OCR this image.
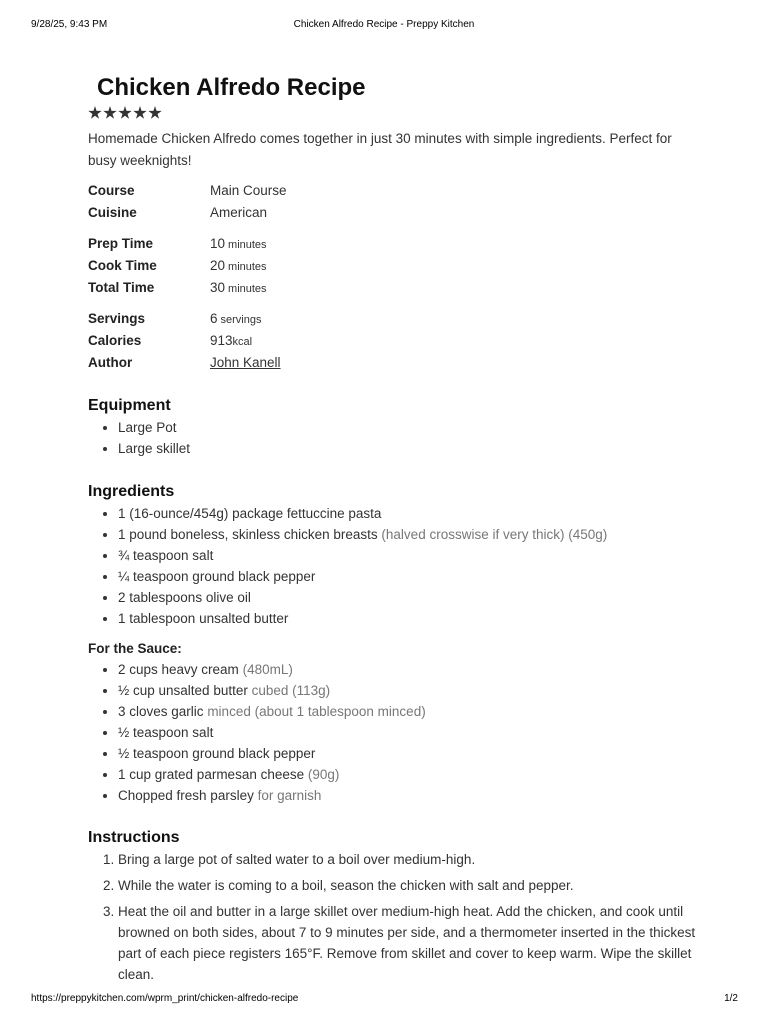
9/28/25, 9:43 PM	Chicken Alfredo Recipe - Preppy Kitchen
Chicken Alfredo Recipe

Homemade Chicken Alfredo comes together in just 30 minutes with simple ingredients. Perfect for busy weeknights!

Course	Main Course
Cuisine	American
Prep Time	10 minutes
Cook Time	20 minutes
Total Time	30 minutes
Servings	6 servings
Calories	913kcal
Author	John Kanell
Equipment
• Large Pot
• Large skillet
Ingredients
• 1 (16-ounce/454g) package fettuccine pasta
• 1 pound boneless, skinless chicken breasts (halved crosswise if very thick) (450g)
• ¾ teaspoon salt
• ¼ teaspoon ground black pepper
• 2 tablespoons olive oil
• 1 tablespoon unsalted butter
For the Sauce:
• 2 cups heavy cream (480mL)
• ½ cup unsalted butter cubed (113g)
• 3 cloves garlic minced (about 1 tablespoon minced)
• ½ teaspoon salt
• ½ teaspoon ground black pepper
• 1 cup grated parmesan cheese (90g)
• Chopped fresh parsley for garnish
Instructions
1. Bring a large pot of salted water to a boil over medium-high.
2. While the water is coming to a boil, season the chicken with salt and pepper.
3. Heat the oil and butter in a large skillet over medium-high heat. Add the chicken, and cook until browned on both sides, about 7 to 9 minutes per side, and a thermometer inserted in the thickest part of each piece registers 165°F. Remove from skillet and cover to keep warm. Wipe the skillet clean.
https://preppykitchen.com/wprm_print/chicken-alfredo-recipe	1/2
